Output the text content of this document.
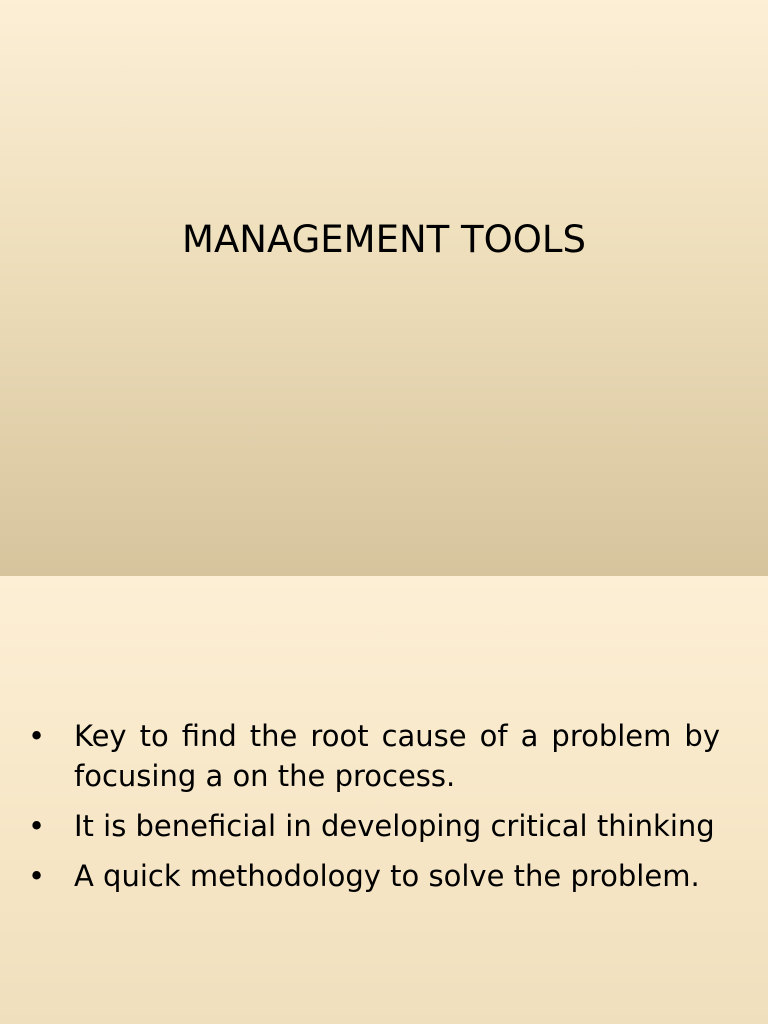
MANAGEMENT TOOLS
• Key to find the root cause of a problem by focusing a on the process.
• It is beneficial in developing critical thinking
• A quick methodology to solve the problem.
